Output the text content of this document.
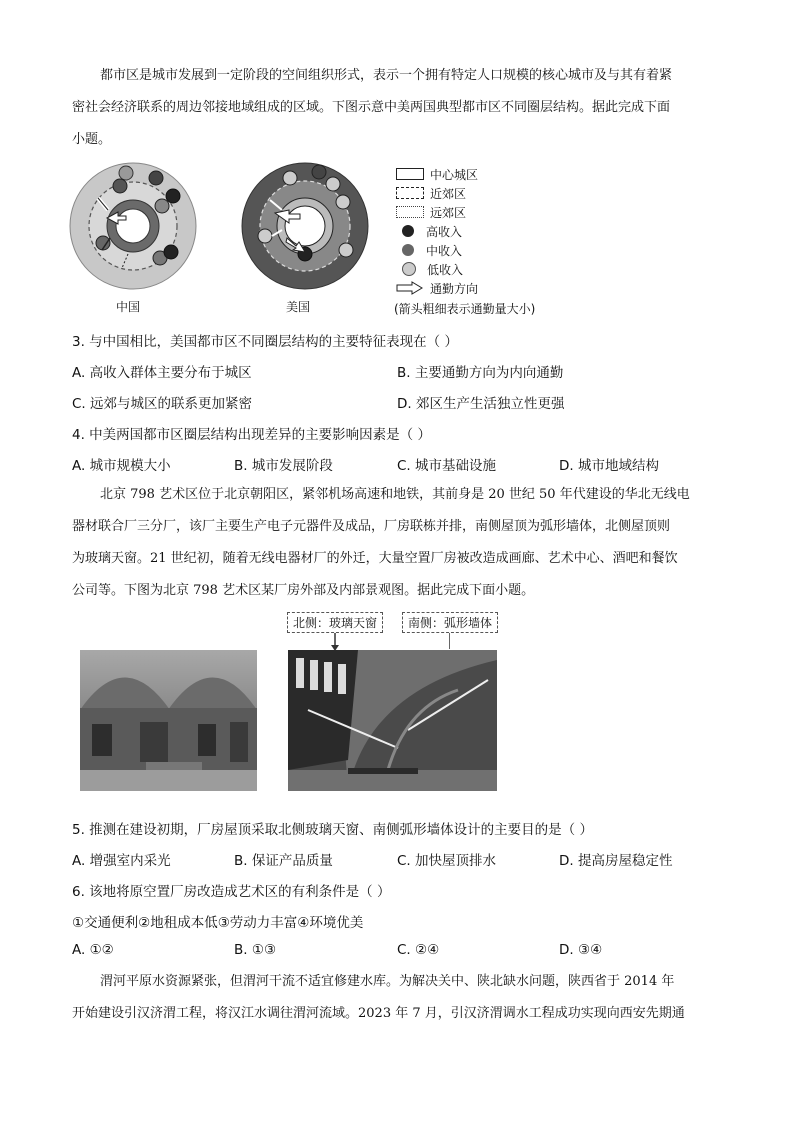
都市区是城市发展到一定阶段的空间组织形式，表示一个拥有特定人口规模的核心城市及与其有着紧
密社会经济联系的周边邻接地域组成的区域。下图示意中美两国典型都市区不同圈层结构。据此完成下面
小题。
中国	美国
中心城区
近郊区
远郊区
高收入
中收入
低收入
通勤方向
(箭头粗细表示通勤量大小)
3. 与中国相比，美国都市区不同圈层结构的主要特征表现在（ ）
A. 高收入群体主要分布于城区	B. 主要通勤方向为内向通勤
C. 远郊与城区的联系更加紧密	D. 郊区生产生活独立性更强
4. 中美两国都市区圈层结构出现差异的主要影响因素是（ ）
A. 城市规模大小	B. 城市发展阶段	C. 城市基础设施	D. 城市地域结构
北京 798 艺术区位于北京朝阳区，紧邻机场高速和地铁，其前身是 20 世纪 50 年代建设的华北无线电
器材联合厂三分厂，该厂主要生产电子元器件及成品，厂房联栋并排，南侧屋顶为弧形墙体，北侧屋顶则
为玻璃天窗。21 世纪初，随着无线电器材厂的外迁，大量空置厂房被改造成画廊、艺术中心、酒吧和餐饮
公司等。下图为北京 798 艺术区某厂房外部及内部景观图。据此完成下面小题。
北侧：玻璃天窗	南侧：弧形墙体
5. 推测在建设初期，厂房屋顶采取北侧玻璃天窗、南侧弧形墙体设计的主要目的是（ ）
A. 增强室内采光	B. 保证产品质量	C. 加快屋顶排水	D. 提高房屋稳定性
6. 该地将原空置厂房改造成艺术区的有利条件是（ ）
①交通便利②地租成本低③劳动力丰富④环境优美
A. ①②	B. ①③	C. ②④	D. ③④
渭河平原水资源紧张，但渭河干流不适宜修建水库。为解决关中、陕北缺水问题，陕西省于 2014 年
开始建设引汉济渭工程，将汉江水调往渭河流域。2023 年 7 月，引汉济渭调水工程成功实现向西安先期通
